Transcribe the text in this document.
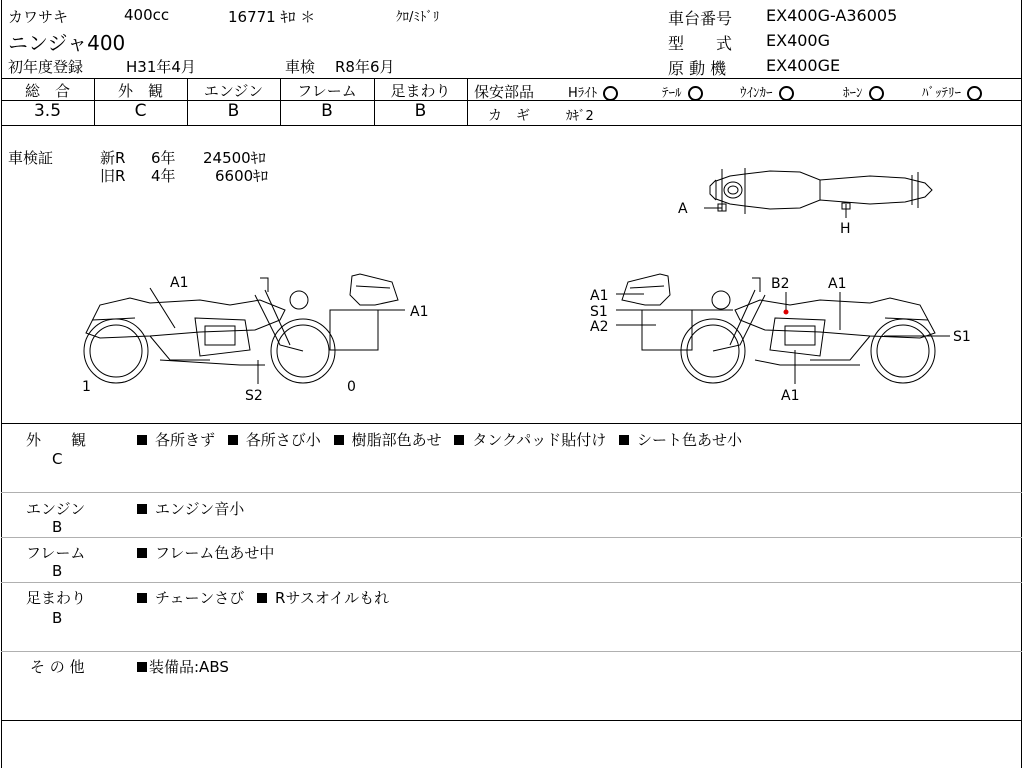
カワサキ	400cc	16771 ｷﾛ ＊	ｸﾛ/ﾐﾄﾞﾘ
ニンジャ400
初年度登録	H31年4月	車検 R8年6月
車台番号 EX400G-A36005
型　　式 EX400G
原 動 機 EX400GE
総　合	外　観	エンジン	フレーム	足まわり
3.5	C	B	B	B
保安部品	Hﾗｲﾄ	ﾃｰﾙ	ｳｲﾝｶｰ	ﾎｰﾝ	ﾊﾞｯﾃﾘｰ
カ　ギ	ｶｷﾞ2
車検証	新R 6年 24500ｷﾛ
旧R 4年	6600ｷﾛ
A
H
A1
A1
1
S2
0
A1
S1
A2
B2	A1
S1
A1
外　　観
C
各所きず 各所さび小 樹脂部色あせ タンクパッド貼付け シート色あせ小
エンジン
B
エンジン音小
フレーム
B
フレーム色あせ中
足まわり
B
チェーンさび Rサスオイルもれ
そ の 他	装備品:ABS
